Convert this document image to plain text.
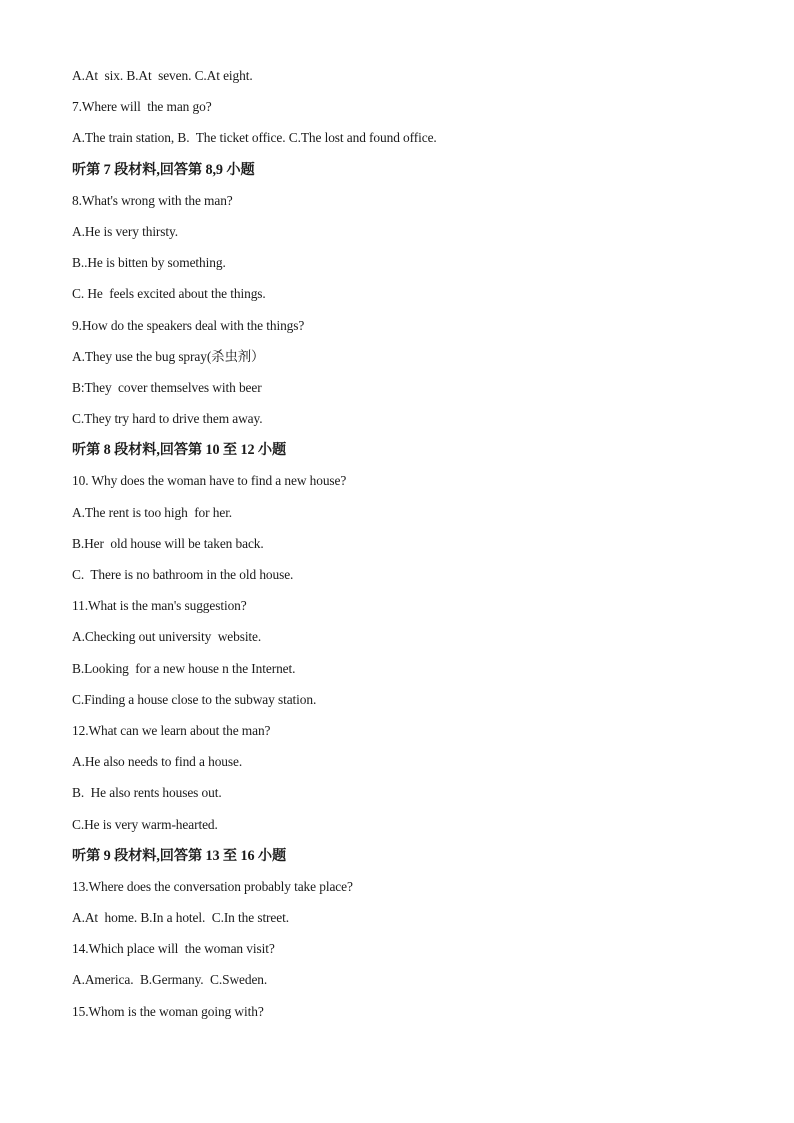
A.At  six. B.At  seven. C.At eight.
7.Where will  the man go?
A.The train station, B.  The ticket office. C.The lost and found office.
听第 7 段材料,回答第 8,9 小题
8.What's wrong with the man?
A.He is very thirsty.
B..He is bitten by something.
C. He  feels excited about the things.
9.How do the speakers deal with the things?
A.They use the bug spray(杀虫剂）
B:They  cover themselves with beer
C.They try hard to drive them away.
听第 8 段材料,回答第 10 至 12 小题
10. Why does the woman have to find a new house?
A.The rent is too high  for her.
B.Her  old house will be taken back.
C.  There is no bathroom in the old house.
11.What is the man's suggestion?
A.Checking out university  website.
B.Looking  for a new house n the Internet.
C.Finding a house close to the subway station.
12.What can we learn about the man?
A.He also needs to find a house.
B.  He also rents houses out.
C.He is very warm-hearted.
听第 9 段材料,回答第 13 至 16 小题
13.Where does the conversation probably take place?
A.At  home. B.In a hotel.  C.In the street.
14.Which place will  the woman visit?
A.America.  B.Germany.  C.Sweden.
15.Whom is the woman going with?
